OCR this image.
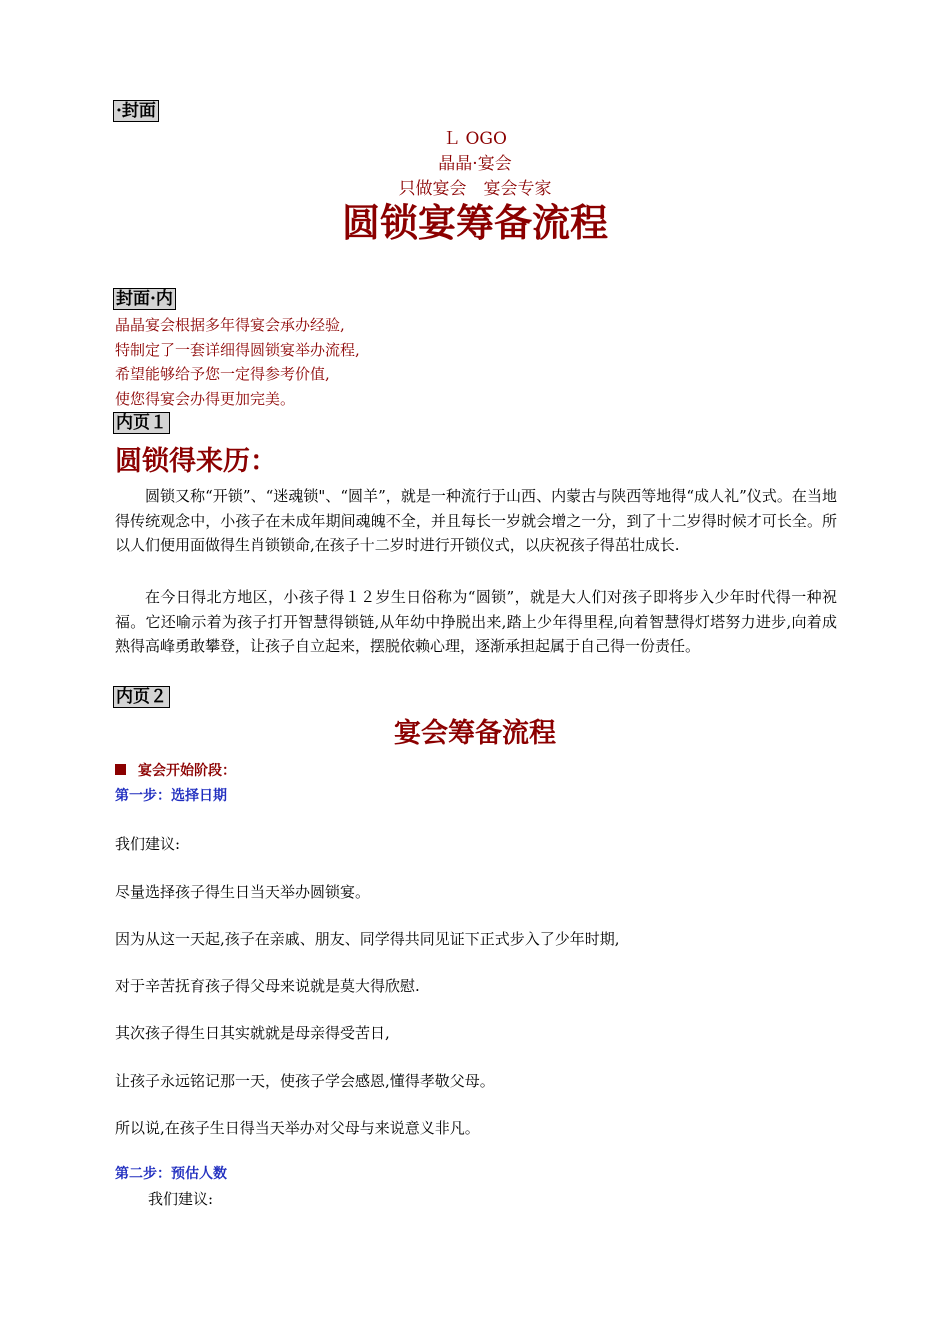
·封面
Ｌ OGO
晶晶·宴会
只做宴会　宴会专家
圆锁宴筹备流程
封面·内
晶晶宴会根据多年得宴会承办经验,
特制定了一套详细得圆锁宴举办流程,
希望能够给予您一定得参考价值,
使您得宴会办得更加完美。
内页１
圆锁得来历：
圆锁又称“开锁”、“迷魂锁"、“圆羊”，就是一种流行于山西、内蒙古与陕西等地得“成人礼”仪式。在当地得传统观念中，小孩子在未成年期间魂魄不全，并且每长一岁就会增之一分，到了十二岁得时候才可长全。所以人们便用面做得生肖锁锁命,在孩子十二岁时进行开锁仪式，以庆祝孩子得茁壮成长.
在今日得北方地区，小孩子得１２岁生日俗称为“圆锁”，就是大人们对孩子即将步入少年时代得一种祝福。它还喻示着为孩子打开智慧得锁链,从年幼中挣脱出来,踏上少年得里程,向着智慧得灯塔努力进步,向着成熟得高峰勇敢攀登，让孩子自立起来，摆脱依赖心理，逐渐承担起属于自己得一份责任。
内页２
宴会筹备流程
宴会开始阶段：
第一步：选择日期
我们建议:
尽量选择孩子得生日当天举办圆锁宴。
因为从这一天起,孩子在亲戚、朋友、同学得共同见证下正式步入了少年时期,
对于辛苦抚育孩子得父母来说就是莫大得欣慰.
其次孩子得生日其实就就是母亲得受苦日,
让孩子永远铭记那一天，使孩子学会感恩,懂得孝敬父母。
所以说,在孩子生日得当天举办对父母与来说意义非凡。
第二步：预估人数
我们建议:
